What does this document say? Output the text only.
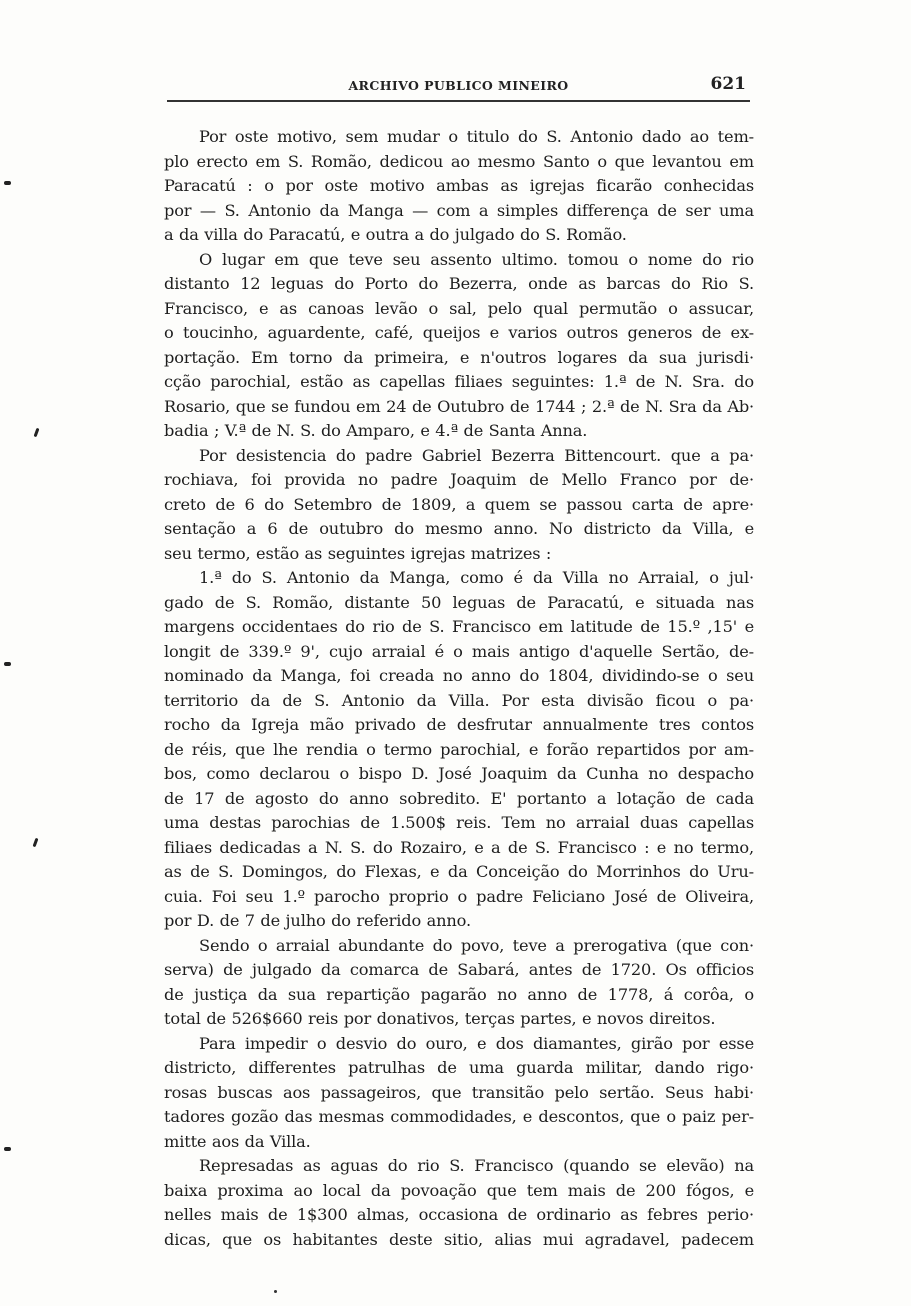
ARCHIVO PUBLICO MINEIRO	621
Por oste motivo, sem mudar o titulo do S. Antonio dado ao tem-
plo erecto em S. Romão, dedicou ao mesmo Santo o que levantou em
Paracatú : o por oste motivo ambas as igrejas ficarão conhecidas
por — S. Antonio da Manga — com a simples differença de ser uma
a da villa do Paracatú, e outra a do julgado do S. Romão.
O lugar em que teve seu assento ultimo. tomou o nome do rio
distanto 12 leguas do Porto do Bezerra, onde as barcas do Rio S.
Francisco, e as canoas levão o sal, pelo qual permutão o assucar,
o toucinho, aguardente, café, queijos e varios outros generos de ex-
portação. Em torno da primeira, e n'outros logares da sua jurisdi·
cção parochial, estão as capellas filiaes seguintes: 1.ª de N. Sra. do
Rosario, que se fundou em 24 de Outubro de 1744 ; 2.ª de N. Sra da Ab·
badia ; V.ª de N. S. do Amparo, e 4.ª de Santa Anna.
Por desistencia do padre Gabriel Bezerra Bittencourt. que a pa·
rochiava, foi provida no padre Joaquim de Mello Franco por de·
creto de 6 do Setembro de 1809, a quem se passou carta de apre·
sentação a 6 de outubro do mesmo anno. No districto da Villa, e
seu termo, estão as seguintes igrejas matrizes :
1.ª do S. Antonio da Manga, como é da Villa no Arraial, o jul·
gado de S. Romão, distante 50 leguas de Paracatú, e situada nas
margens occidentaes do rio de S. Francisco em latitude de 15.º ,15' e
longit de 339.º 9', cujo arraial é o mais antigo d'aquelle Sertão, de-
nominado da Manga, foi creada no anno do 1804, dividindo-se o seu
territorio da de S. Antonio da Villa. Por esta divisão ficou o pa·
rocho da Igreja mão privado de desfrutar annualmente tres contos
de réis, que lhe rendia o termo parochial, e forão repartidos por am-
bos, como declarou o bispo D. José Joaquim da Cunha no despacho
de 17 de agosto do anno sobredito. E' portanto a lotação de cada
uma destas parochias de 1.500$ reis. Tem no arraial duas capellas
filiaes dedicadas a N. S. do Rozairo, e a de S. Francisco : e no termo,
as de S. Domingos, do Flexas, e da Conceição do Morrinhos do Uru-
cuia. Foi seu 1.º parocho proprio o padre Feliciano José de Oliveira,
por D. de 7 de julho do referido anno.
Sendo o arraial abundante do povo, teve a prerogativa (que con·
serva) de julgado da comarca de Sabará, antes de 1720. Os officios
de justiça da sua repartição pagarão no anno de 1778, á corôa, o
total de 526$660 reis por donativos, terças partes, e novos direitos.
Para impedir o desvio do ouro, e dos diamantes, girão por esse
districto, differentes patrulhas de uma guarda militar, dando rigo·
rosas buscas aos passageiros, que transitão pelo sertão. Seus habi·
tadores gozão das mesmas commodidades, e descontos, que o paiz per-
mitte aos da Villa.
Represadas as aguas do rio S. Francisco (quando se elevão) na
baixa proxima ao local da povoação que tem mais de 200 fógos, e
nelles mais de 1$300 almas, occasiona de ordinario as febres perio·
dicas, que os habitantes deste sitio, alias mui agradavel, padecem
